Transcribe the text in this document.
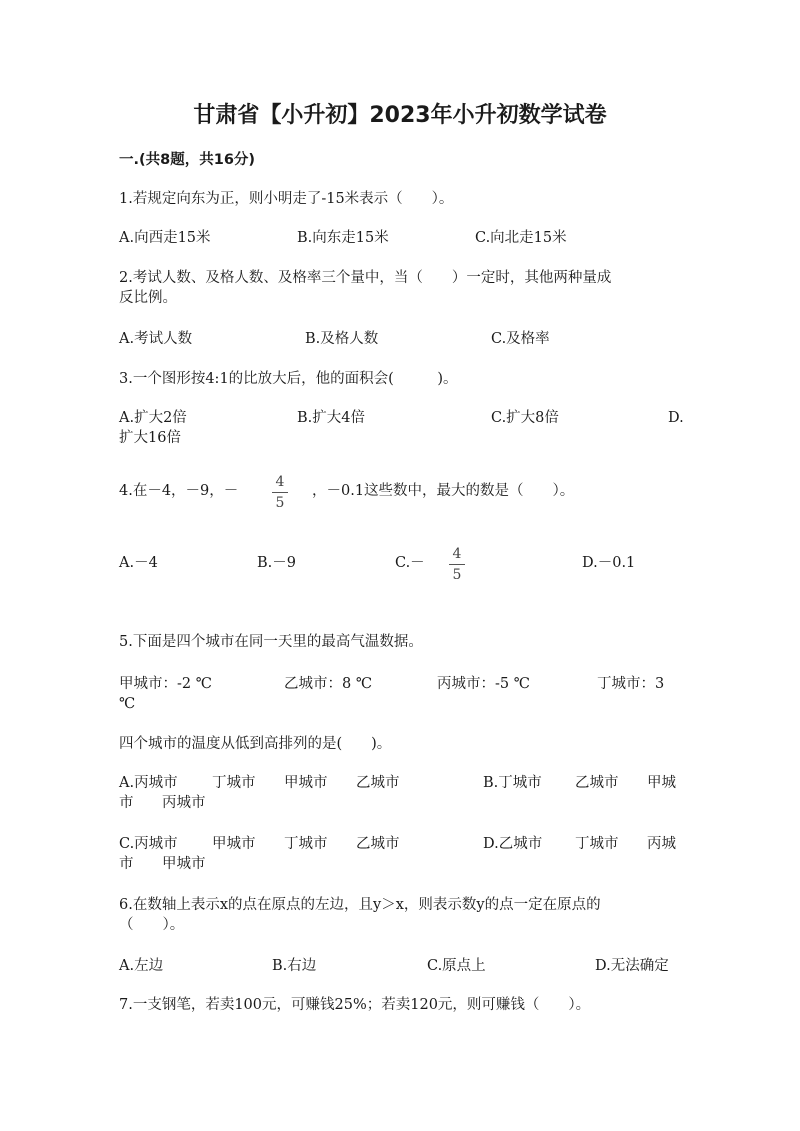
甘肃省【小升初】2023年小升初数学试卷
一.(共8题，共16分)
1.若规定向东为正，则小明走了-15米表示（　　）。
A.向西走15米	B.向东走15米	C.向北走15米
2.考试人数、及格人数、及格率三个量中，当（　　）一定时，其他两种量成
反比例。
A.考试人数	B.及格人数	C.及格率
3.一个图形按4:1的比放大后，他的面积会(　　　)。
A.扩大2倍	B.扩大4倍	C.扩大8倍	D.
扩大16倍
4.在－4，－9，－
4
5
，－0.1这些数中，最大的数是（　　）。
A.－4	B.－9	C.－
4
5
D.－0.1
5.下面是四个城市在同一天里的最高气温数据。
甲城市：-2 ℃	乙城市：8 ℃	丙城市：-5 ℃	丁城市：3
℃
四个城市的温度从低到高排列的是(　　)。
A.丙城市 丁城市 甲城市 乙城市	B.丁城市 乙城市 甲城
市 丙城市
C.丙城市 甲城市 丁城市 乙城市	D.乙城市 丁城市 丙城
市 甲城市
6.在数轴上表示x的点在原点的左边，且y＞x，则表示数y的点一定在原点的
（　　）。
A.左边	B.右边	C.原点上	D.无法确定
7.一支钢笔，若卖100元，可赚钱25%；若卖120元，则可赚钱（　　）。
